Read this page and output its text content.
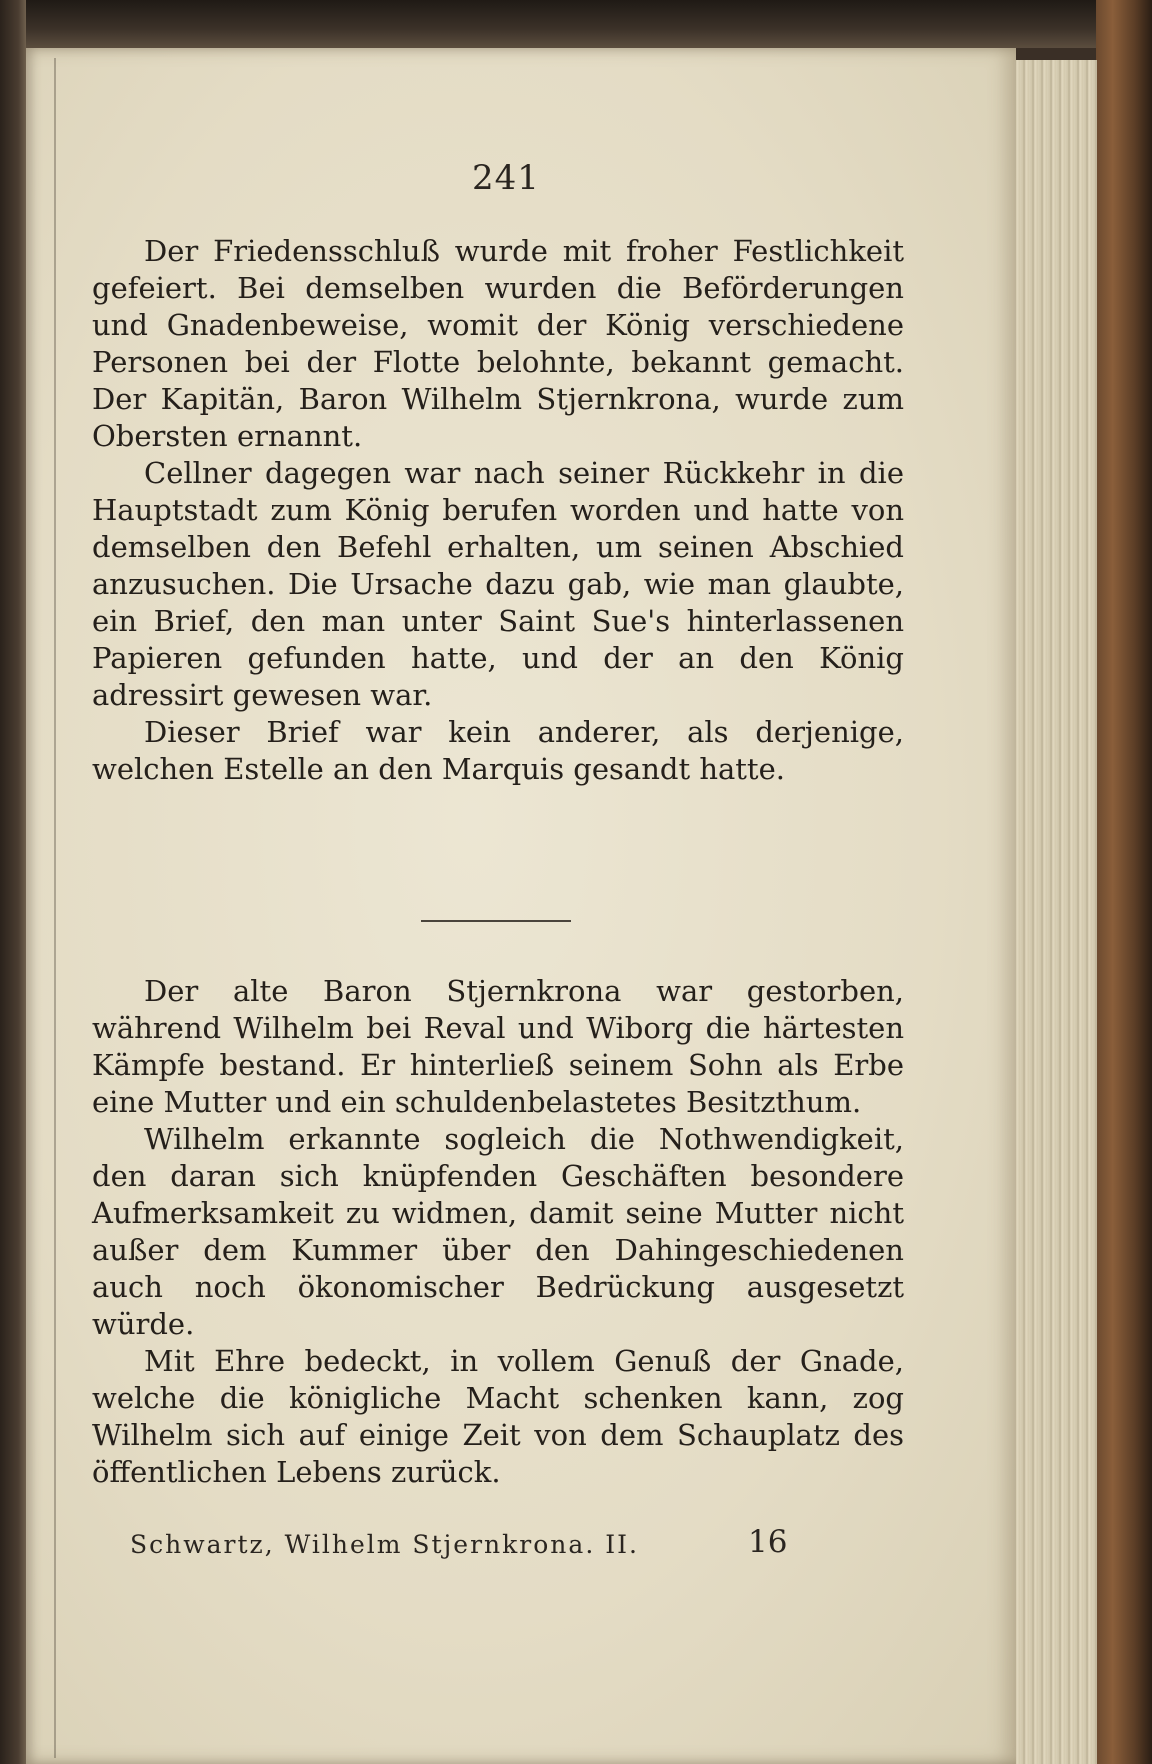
241

Der Friedensschluß wurde mit froher Festlichkeit gefeiert. Bei demselben wurden die Beförderungen und Gnadenbeweise, womit der König verschiedene Personen bei der Flotte belohnte, bekannt gemacht. Der Kapitän, Baron Wilhelm Stjernkrona, wurde zum Obersten ernannt.

Cellner dagegen war nach seiner Rückkehr in die Hauptstadt zum König berufen worden und hatte von demselben den Befehl erhalten, um seinen Abschied anzusuchen. Die Ursache dazu gab, wie man glaubte, ein Brief, den man unter Saint Sue's hinterlassenen Papieren gefunden hatte, und der an den König adressirt gewesen war.

Dieser Brief war kein anderer, als derjenige, welchen Estelle an den Marquis gesandt hatte.

Der alte Baron Stjernkrona war gestorben, während Wilhelm bei Reval und Wiborg die härtesten Kämpfe bestand. Er hinterließ seinem Sohn als Erbe eine Mutter und ein schuldenbelastetes Besitzthum.

Wilhelm erkannte sogleich die Nothwendigkeit, den daran sich knüpfenden Geschäften besondere Aufmerksamkeit zu widmen, damit seine Mutter nicht außer dem Kummer über den Dahingeschiedenen auch noch ökonomischer Bedrückung ausgesetzt würde.

Mit Ehre bedeckt, in vollem Genuß der Gnade, welche die königliche Macht schenken kann, zog Wilhelm sich auf einige Zeit von dem Schauplatz des öffentlichen Lebens zurück.

Schwartz, Wilhelm Stjernkrona. II.	16
